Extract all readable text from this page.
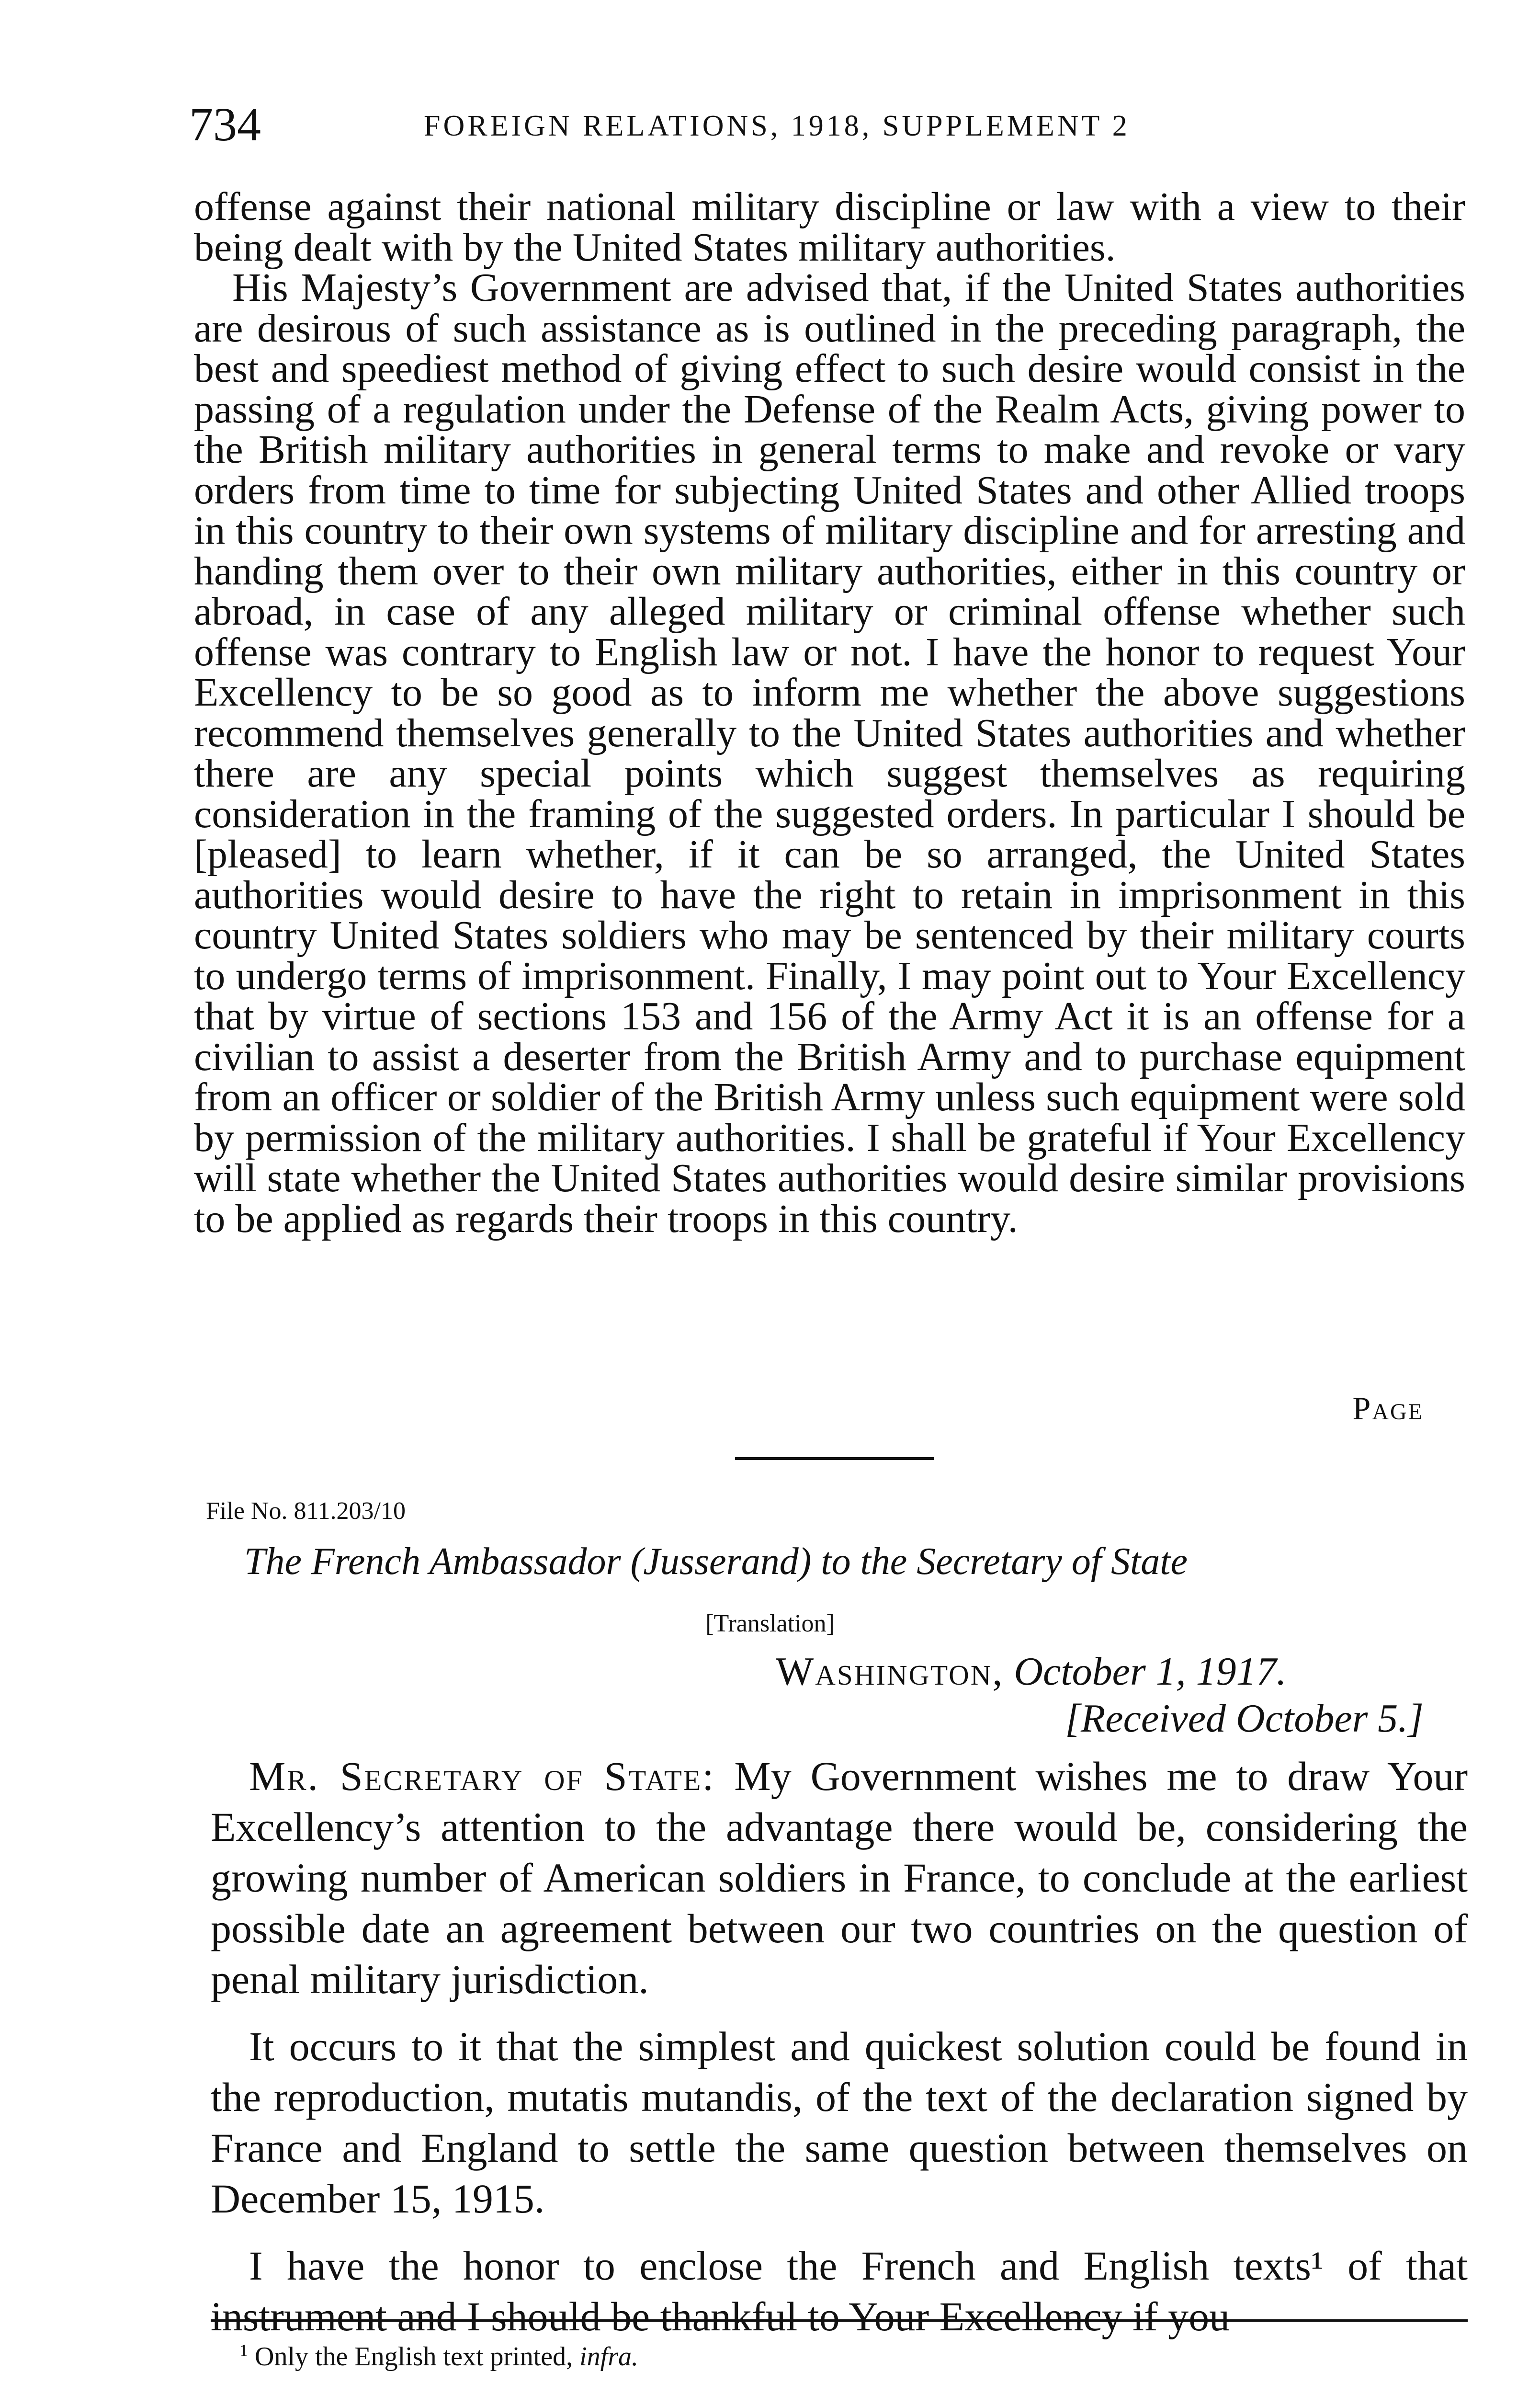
734	FOREIGN RELATIONS, 1918, SUPPLEMENT 2

offense against their national military discipline or law with a view to their being dealt with by the United States military authorities.

His Majesty’s Government are advised that, if the United States authorities are desirous of such assistance as is outlined in the preceding paragraph, the best and speediest method of giving effect to such desire would consist in the passing of a regulation under the Defense of the Realm Acts, giving power to the British military authorities in general terms to make and revoke or vary orders from time to time for subjecting United States and other Allied troops in this country to their own systems of military discipline and for arresting and handing them over to their own military authorities, either in this country or abroad, in case of any alleged military or criminal offense whether such offense was contrary to English law or not. I have the honor to request Your Excellency to be so good as to inform me whether the above suggestions recommend themselves generally to the United States authorities and whether there are any special points which suggest themselves as requiring consideration in the framing of the suggested orders. In particular I should be [pleased] to learn whether, if it can be so arranged, the United States authorities would desire to have the right to retain in imprisonment in this country United States soldiers who may be sentenced by their military courts to undergo terms of imprisonment. Finally, I may point out to Your Excellency that by virtue of sections 153 and 156 of the Army Act it is an offense for a civilian to assist a deserter from the British Army and to purchase equipment from an officer or soldier of the British Army unless such equipment were sold by permission of the military authorities. I shall be grateful if Your Excellency will state whether the United States authorities would desire similar provisions to be applied as regards their troops in this country.

Page
File No. 811.203/10
The French Ambassador (Jusserand) to the Secretary of State
[Translation]
Washington, October 1, 1917.
[Received October 5.]

Mr. Secretary of State: My Government wishes me to draw Your Excellency’s attention to the advantage there would be, considering the growing number of American soldiers in France, to conclude at the earliest possible date an agreement between our two countries on the question of penal military jurisdiction.

It occurs to it that the simplest and quickest solution could be found in the reproduction, mutatis mutandis, of the text of the declaration signed by France and England to settle the same question between themselves on December 15, 1915.

I have the honor to enclose the French and English texts¹ of that instrument and I should be thankful to Your Excellency if you

$^1$ Only the English text printed, infra.
